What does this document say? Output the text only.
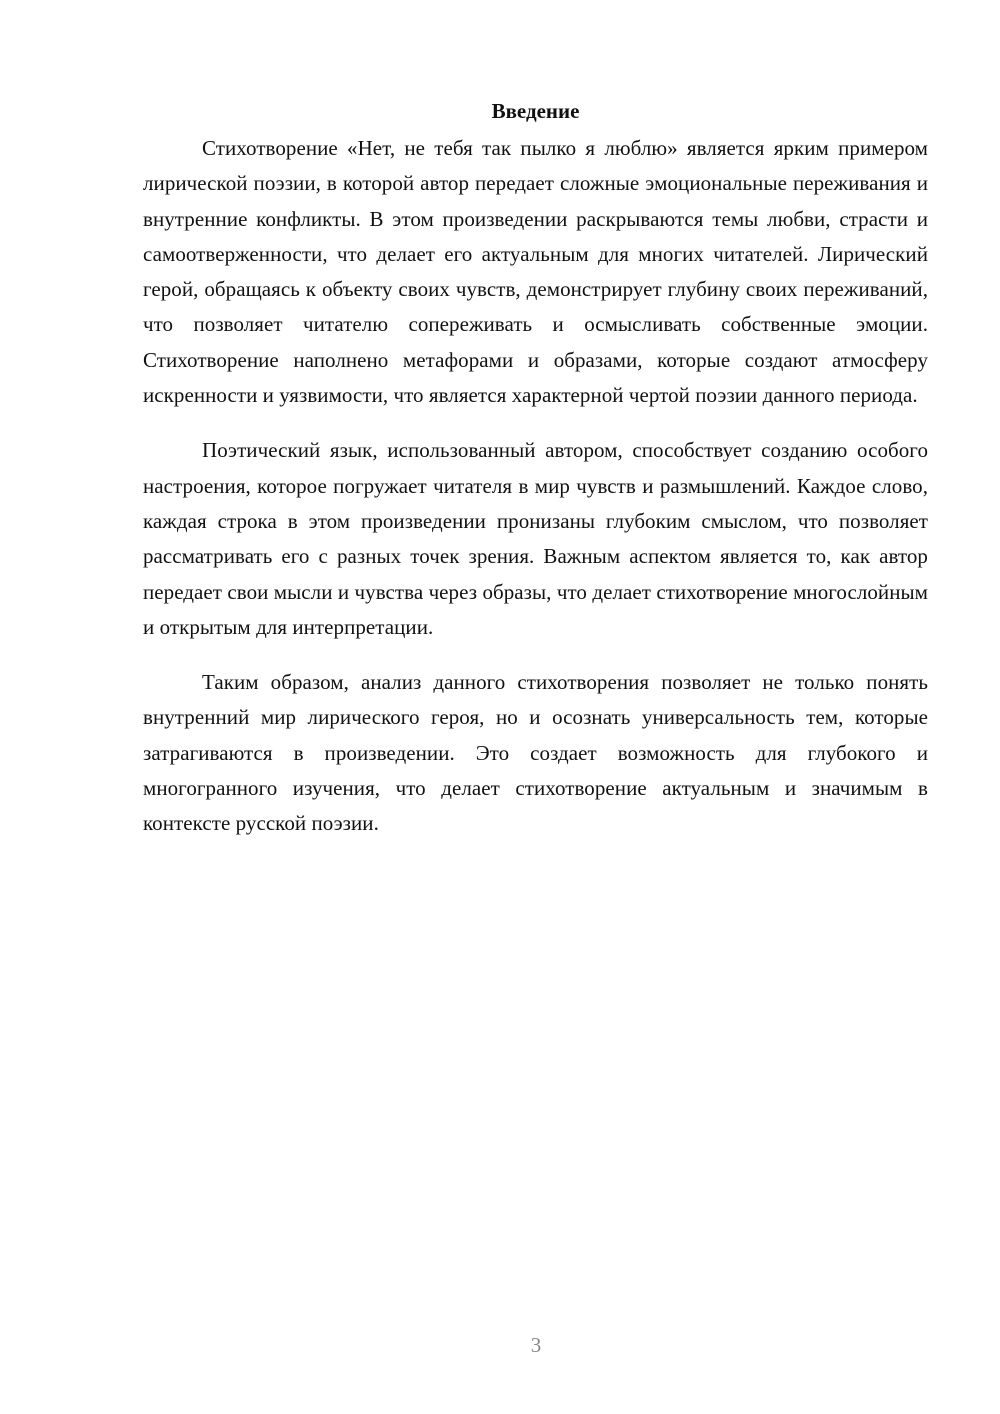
Введение

Стихотворение «Нет, не тебя так пылко я люблю» является ярким примером лирической поэзии, в которой автор передает сложные эмоциональные переживания и внутренние конфликты. В этом произведении раскрываются темы любви, страсти и самоотверженности, что делает его актуальным для многих читателей. Лирический герой, обращаясь к объекту своих чувств, демонстрирует глубину своих переживаний, что позволяет читателю сопереживать и осмысливать собственные эмоции. Стихотворение наполнено метафорами и образами, которые создают атмосферу искренности и уязвимости, что является характерной чертой поэзии данного периода.

Поэтический язык, использованный автором, способствует созданию особого настроения, которое погружает читателя в мир чувств и размышлений. Каждое слово, каждая строка в этом произведении пронизаны глубоким смыслом, что позволяет рассматривать его с разных точек зрения. Важным аспектом является то, как автор передает свои мысли и чувства через образы, что делает стихотворение многослойным и открытым для интерпретации.

Таким образом, анализ данного стихотворения позволяет не только понять внутренний мир лирического героя, но и осознать универсальность тем, которые затрагиваются в произведении. Это создает возможность для глубокого и многогранного изучения, что делает стихотворение актуальным и значимым в контексте русской поэзии.

3
